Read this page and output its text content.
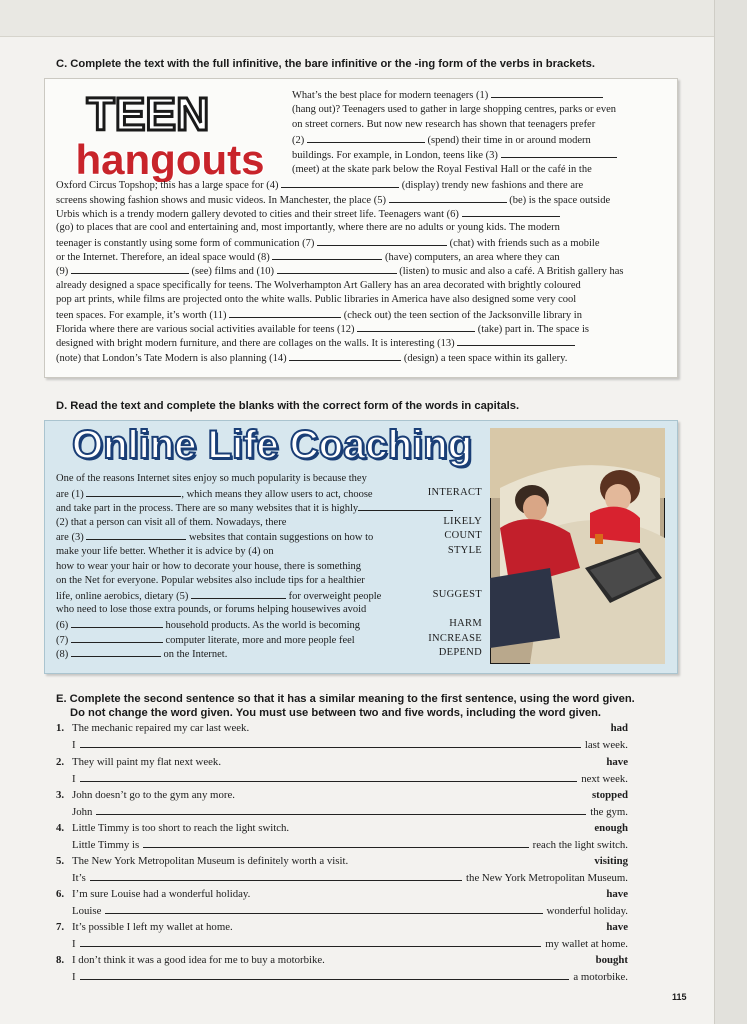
C. Complete the text with the full infinitive, the bare infinitive or the -ing form of the verbs in brackets.
TEEN
hangouts
What’s the best place for modern teenagers (1)
(hang out)? Teenagers used to gather in large shopping centres, parks or even
on street corners. But now new research has shown that teenagers prefer
(2)	(spend) their time in or around modern
buildings. For example, in London, teens like (3)
(meet) at the skate park below the Royal Festival Hall or the café in the
Oxford Circus Topshop; this has a large space for (4)	(display) trendy new fashions and there are
screens showing fashion shows and music videos. In Manchester, the place (5)	(be) is the space outside
Urbis which is a trendy modern gallery devoted to cities and their street life. Teenagers want (6)
(go) to places that are cool and entertaining and, most importantly, where there are no adults or young kids. The modern
teenager is constantly using some form of communication (7)	(chat) with friends such as a mobile
or the Internet. Therefore, an ideal space would (8)	(have) computers, an area where they can
(9)	(see) films and (10)	(listen) to music and also a café. A British gallery has
already designed a space specifically for teens. The Wolverhampton Art Gallery has an area decorated with brightly coloured
pop art prints, while films are projected onto the white walls. Public libraries in America have also designed some very cool
teen spaces. For example, it’s worth (11)	(check out) the teen section of the Jacksonville library in
Florida where there are various social activities available for teens (12)	(take) part in. The space is
designed with bright modern furniture, and there are collages on the walls. It is interesting (13)
(note) that London’s Tate Modern is also planning (14)	(design) a teen space within its gallery.
D. Read the text and complete the blanks with the correct form of the words in capitals.
Online Life Coaching
One of the reasons Internet sites enjoy so much popularity is because they
are (1)	, which means they allow users to act, choose	INTERACT
and take part in the process. There are so many websites that it is highly
(2) that a person can visit all of them. Nowadays, there	LIKELY
are (3)	websites that contain suggestions on how to	COUNT
make your life better. Whether it is advice by (4) on	STYLE
how to wear your hair or how to decorate your house, there is something
on the Net for everyone. Popular websites also include tips for a healthier
life, online aerobics, dietary (5)	for overweight people	SUGGEST
who need to lose those extra pounds, or forums helping housewives avoid
(6)	household products. As the world is becoming	HARM
(7)	computer literate, more and more people feel	INCREASE
(8)	on the Internet.	DEPEND
E. Complete the second sentence so that it has a similar meaning to the first sentence, using the word given.
Do not change the word given. You must use between two and five words, including the word given.
1. The mechanic repaired my car last week.	had
I	last week.
2. They will paint my flat next week.	have
I	next week.
3. John doesn’t go to the gym any more.	stopped
John	the gym.
4. Little Timmy is too short to reach the light switch.	enough
Little Timmy is	reach the light switch.
5. The New York Metropolitan Museum is definitely worth a visit.	visiting
It’s	the New York Metropolitan Museum.
6. I’m sure Louise had a wonderful holiday.	have
Louise	wonderful holiday.
7. It’s possible I left my wallet at home.	have
I	my wallet at home.
8. I don’t think it was a good idea for me to buy a motorbike.	bought
I	a motorbike.
115
